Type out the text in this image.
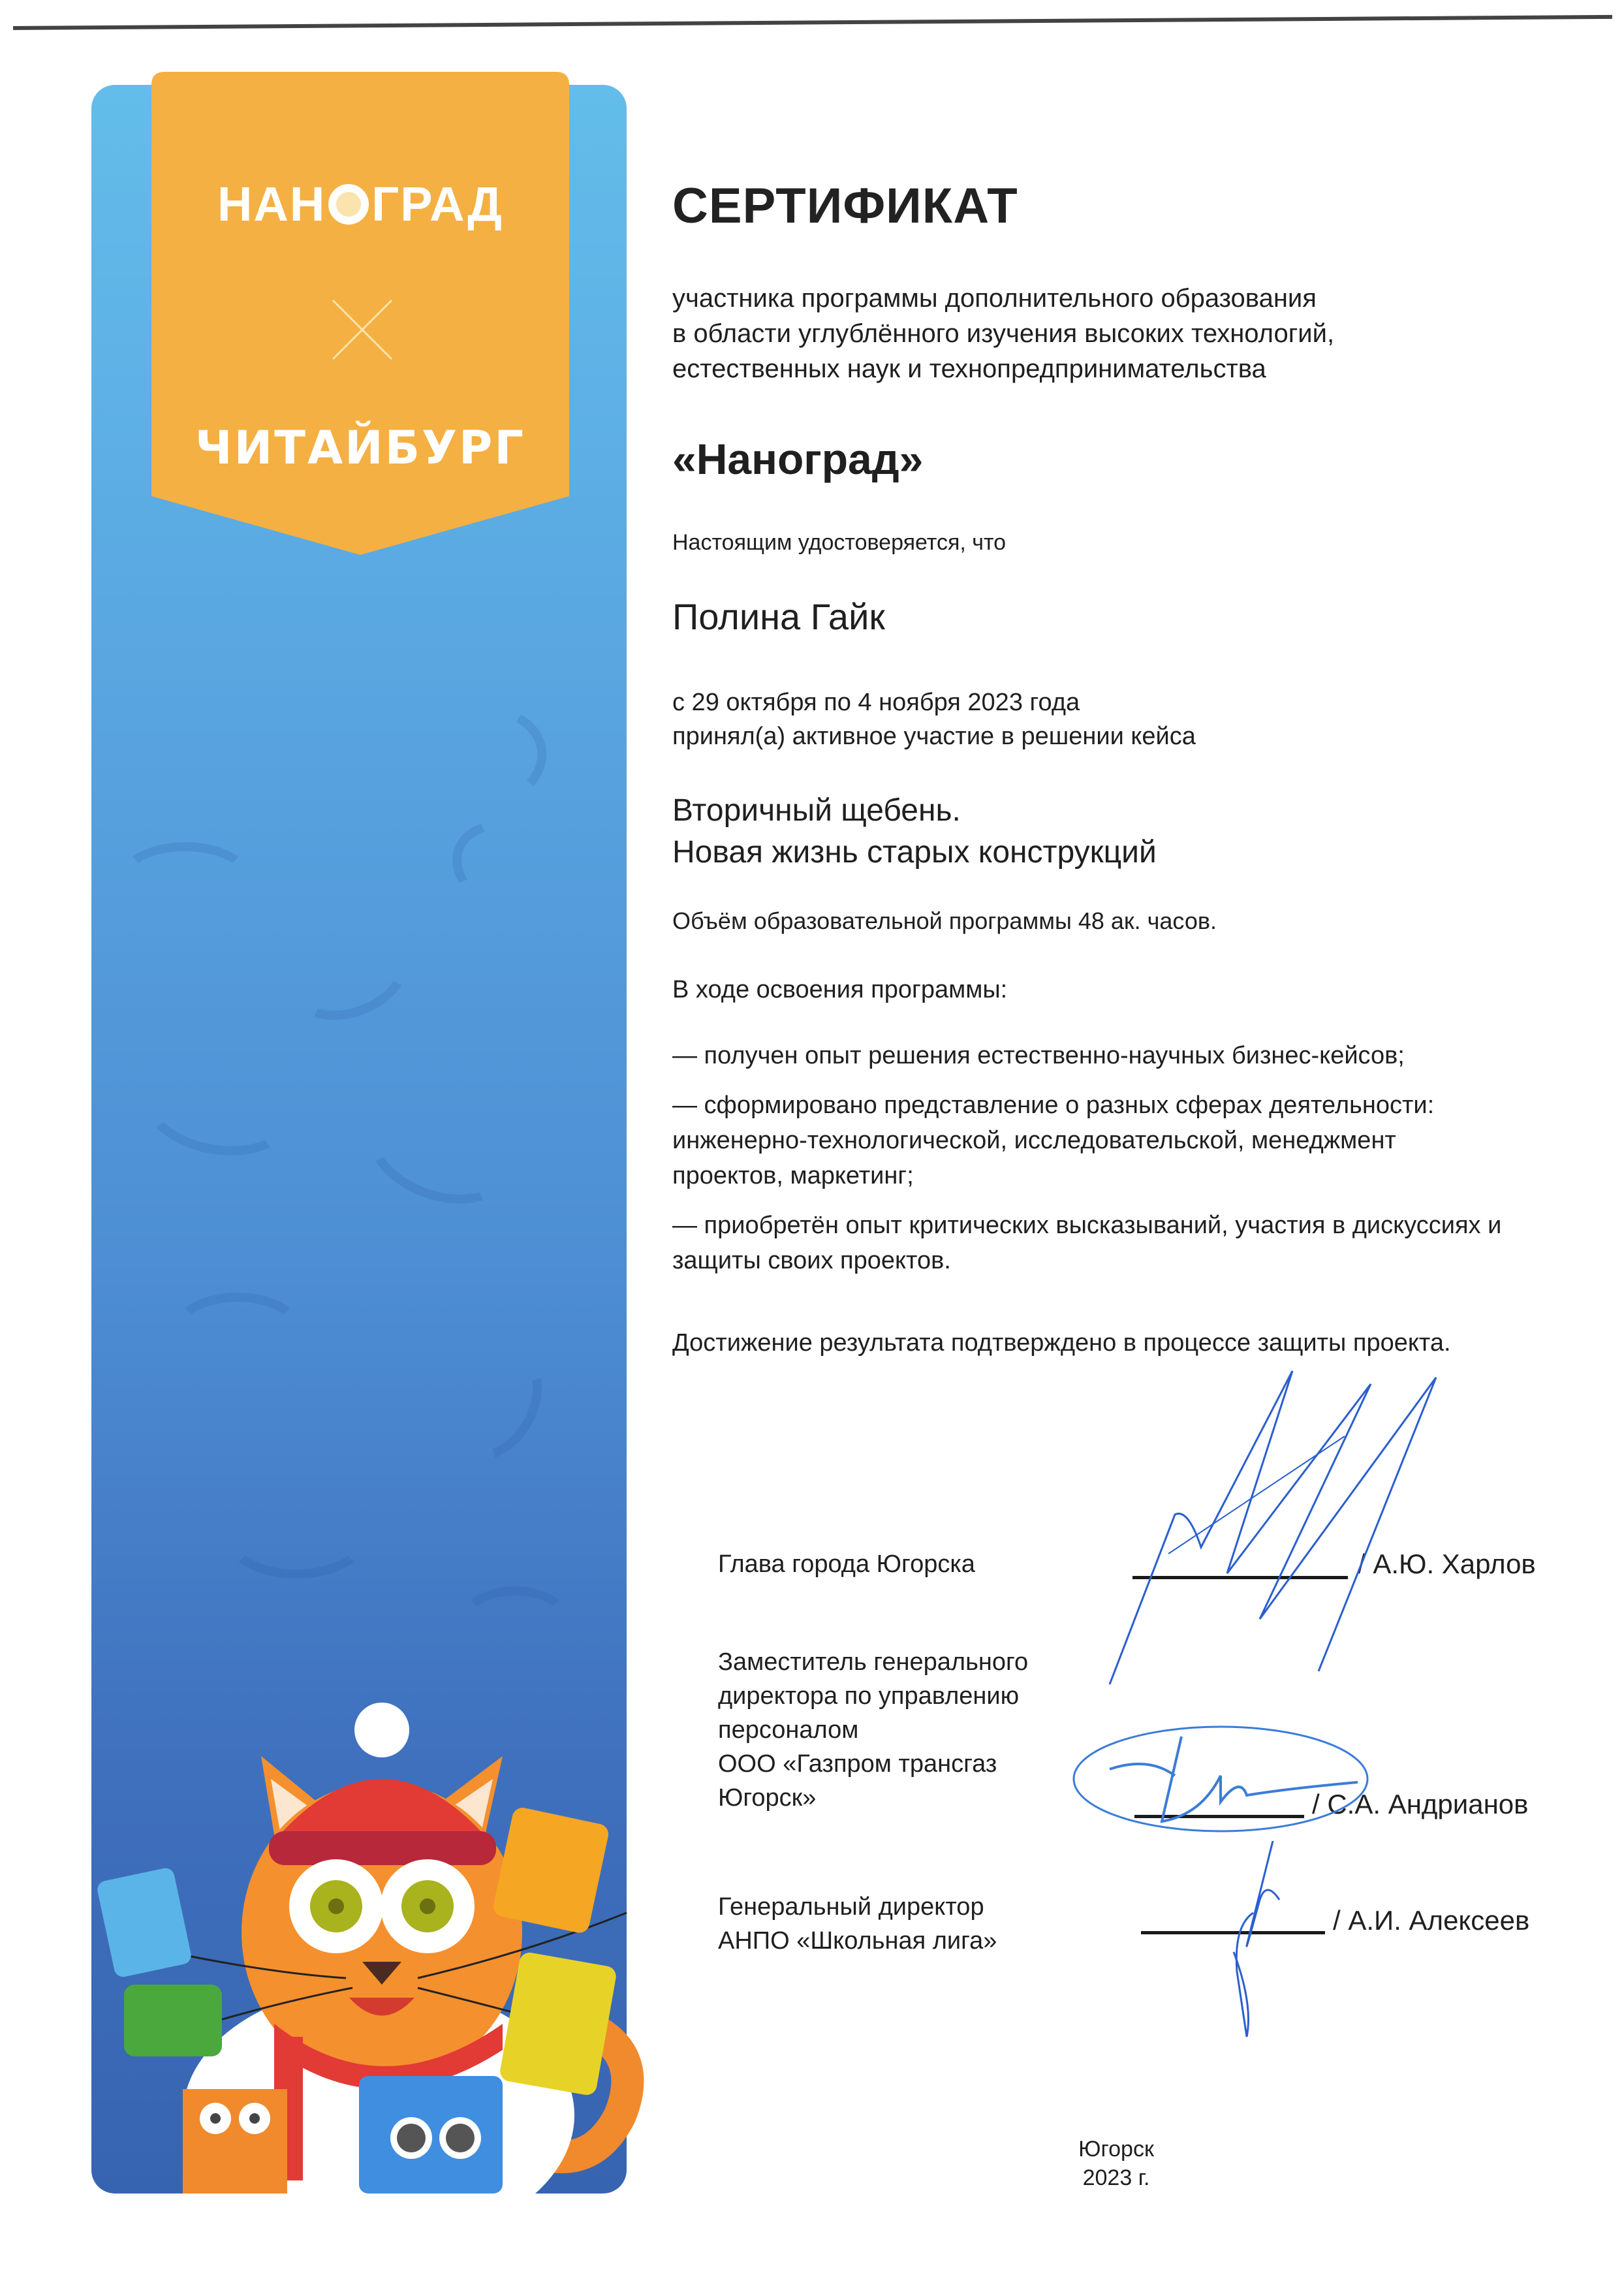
НАН ГРАД
ЧИТАЙБУРГ
СЕРТИФИКАТ
участника программы дополнительного образования
в области углублённого изучения высоких технологий,
естественных наук и технопредпринимательства
«Наноград»
Настоящим удостоверяется, что
Полина Гайк
с 29 октября по 4 ноября 2023 года
принял(а) активное участие в решении кейса
Вторичный щебень.
Новая жизнь старых конструкций
Объём образовательной программы 48 ак. часов.
В ходе освоения программы:
— получен опыт решения естественно-научных бизнес-кейсов;
— сформировано представление о разных сферах деятельности: инженерно-технологической, исследовательской, менеджмент проектов, маркетинг;
— приобретён опыт критических высказываний, участия в дискуссиях и защиты своих проектов.
Достижение результата подтверждено в процессе защиты проекта.
Глава города Югорска	/ А.Ю. Харлов
Заместитель генерального
директора по управлению
персоналом
ООО «Газпром трансгаз
Югорск»	/ С.А. Андрианов
Генеральный директор
АНПО «Школьная лига»
/ А.И. Алексеев
Югорск
2023 г.
